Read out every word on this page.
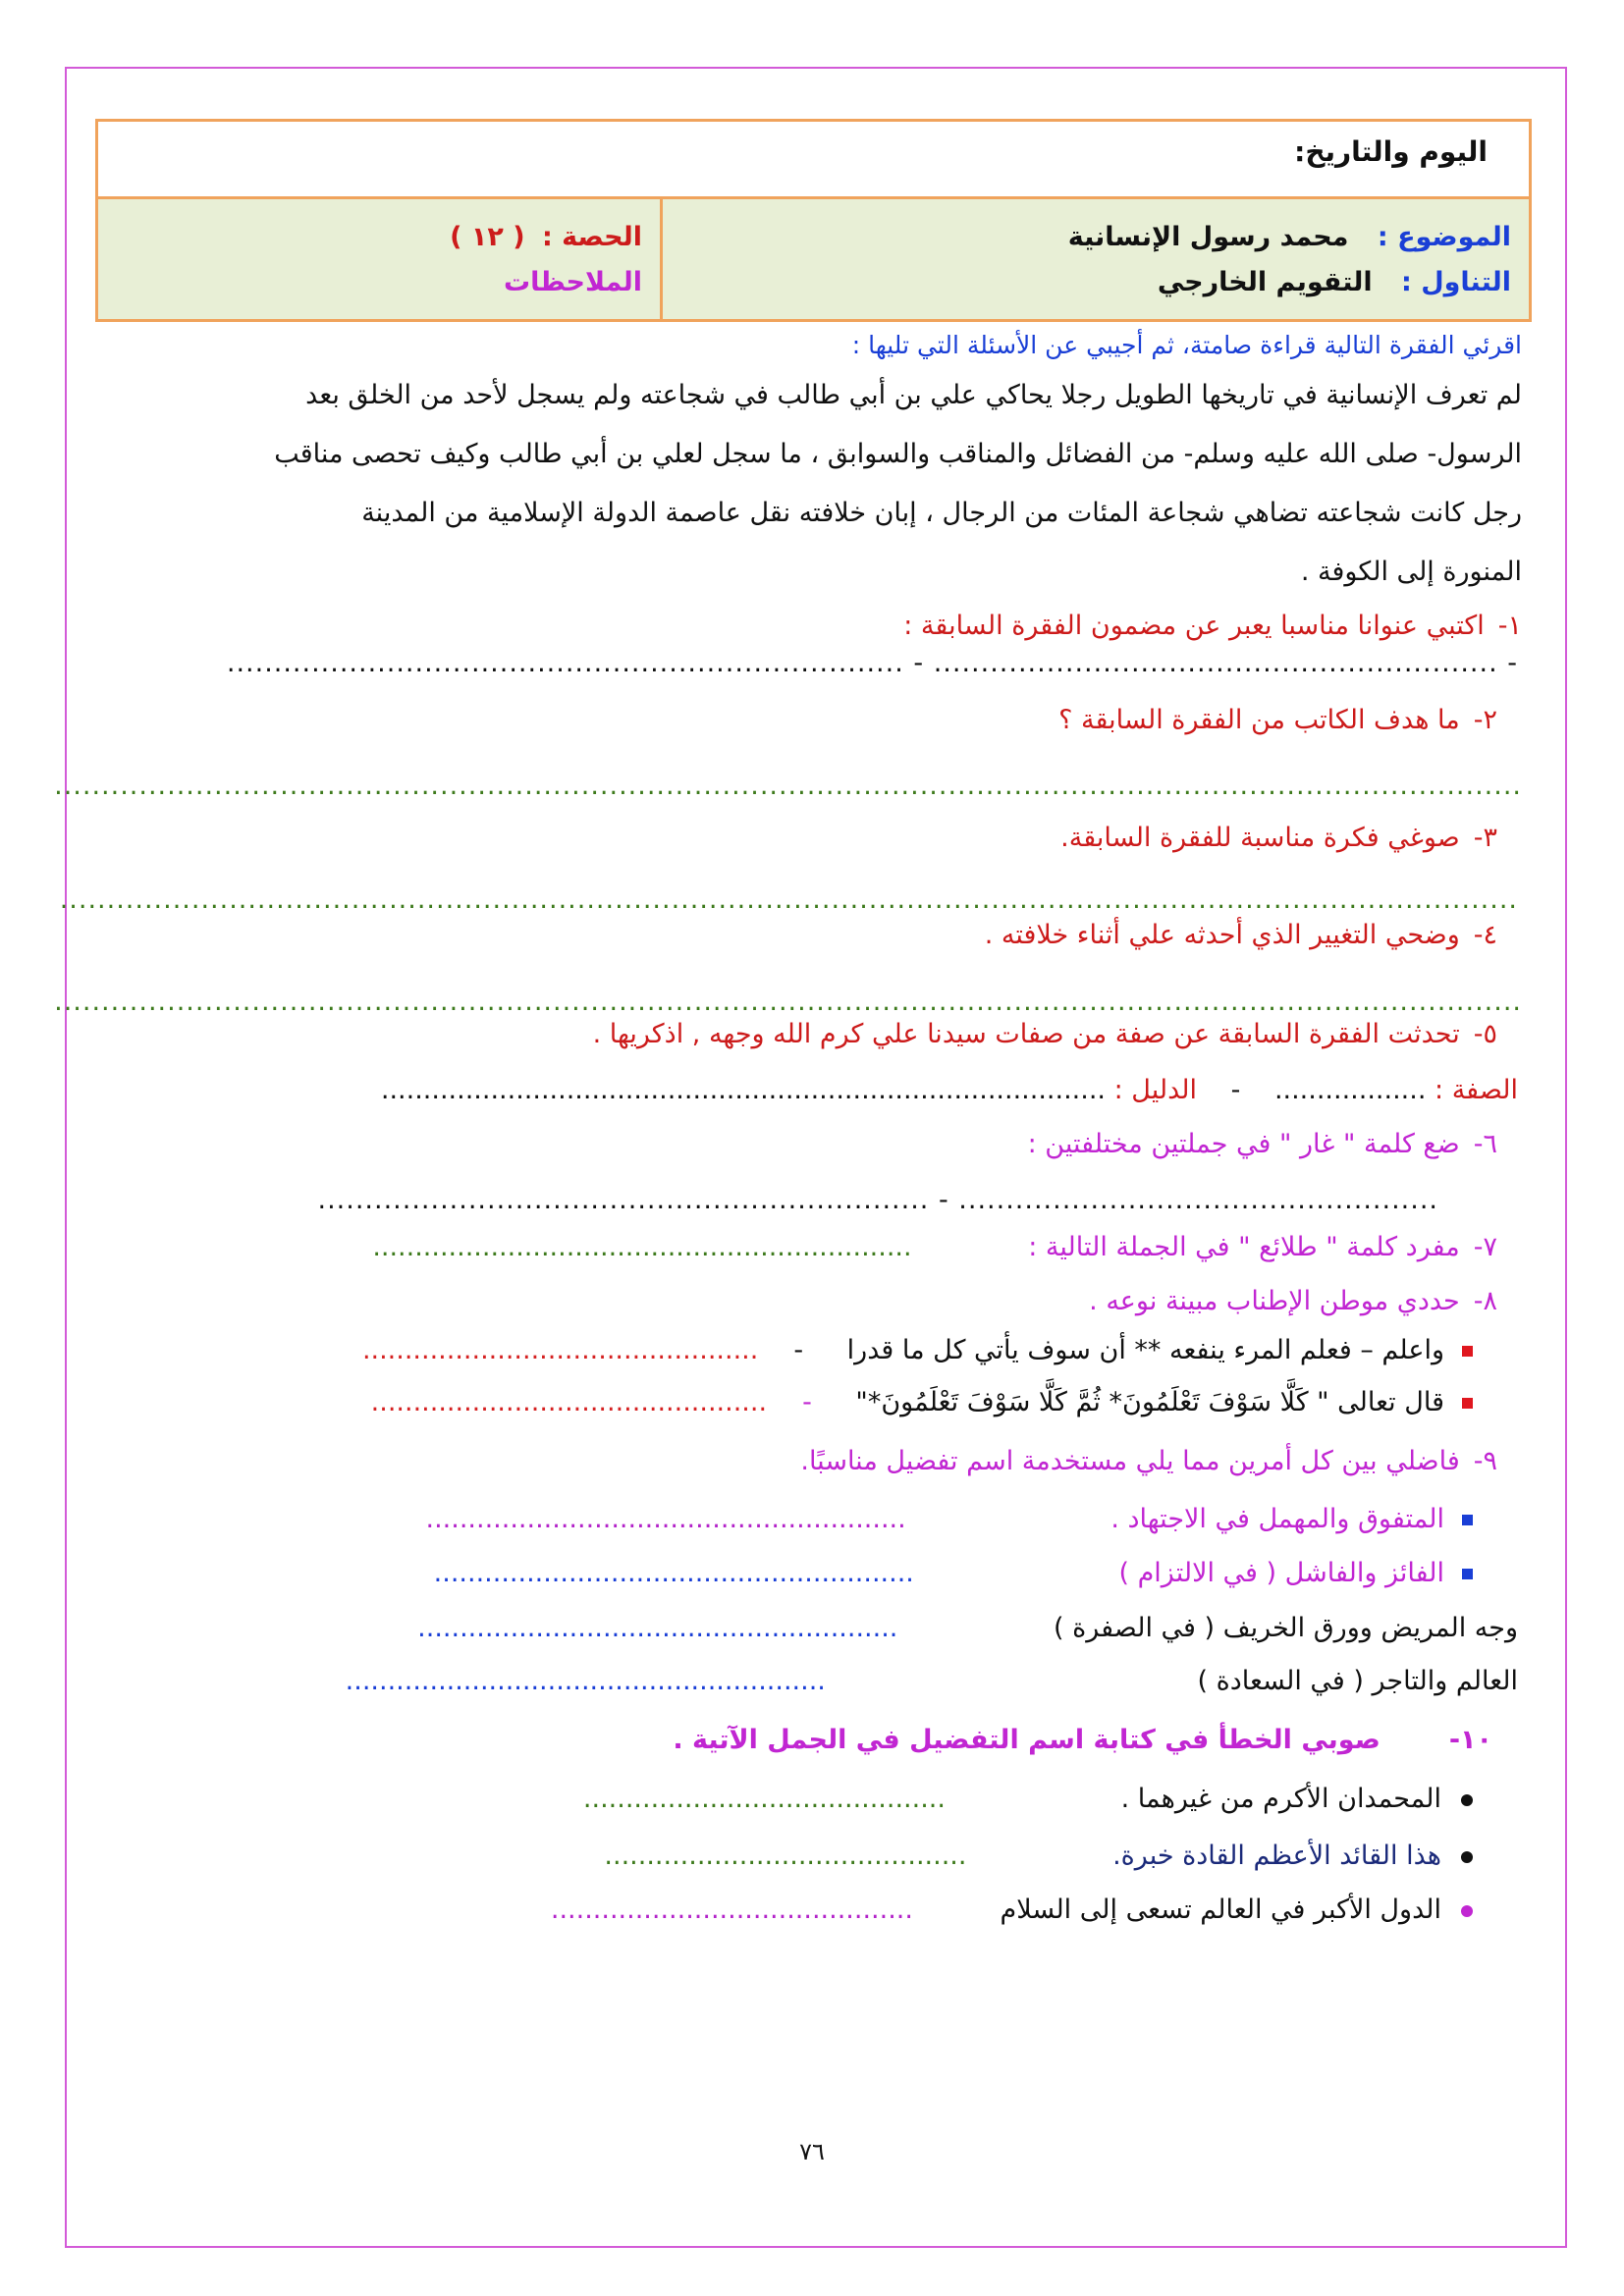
اليوم والتاريخ:
الموضوع : محمد رسول الإنسانية
التناول : التقويم الخارجي
الحصة : ( ١٢ )
الملاحظات
اقرئي الفقرة التالية قراءة صامتة، ثم أجيبي عن الأسئلة التي تليها :
لم تعرف الإنسانية في تاريخها الطويل رجلا يحاكي علي بن أبي طالب في شجاعته ولم يسجل لأحد من الخلق بعد
الرسول- صلى الله عليه وسلم- من الفضائل والمناقب والسوابق ، ما سجل لعلي بن أبي طالب وكيف تحصى مناقب
رجل كانت شجاعته تضاهي شجاعة المئات من الرجال ، إبان خلافته نقل عاصمة الدولة الإسلامية من المدينة
المنورة إلى الكوفة .
١-اكتبي عنوانا مناسبا يعبر عن مضمون الفقرة السابقة :
- ............................................................ - ........................................................................
٢-ما هدف الكاتب من الفقرة السابقة ؟
............................................................................................................................................................
٣-صوغي فكرة مناسبة للفقرة السابقة.
...........................................................................................................................................................
٤-وضحي التغيير الذي أحدثه علي أثناء خلافته .
............................................................................................................................................................
٥-تحدثت الفقرة السابقة عن صفة من صفات سيدنا علي كرم الله وجهه , اذكريها .
الصفة : .................. - الدليل : ......................................................................................
٦-ضع كلمة " غار " في جملتين مختلفتين :
................................................... - .................................................................
٧-مفرد كلمة " طلائع " في الجملة التالية : ................................................................
٨-حددي موطن الإطناب مبينة نوعه .
واعلم – فعلم المرء ينفعه ** أن سوف يأتي كل ما قدرا -...............................................
قال تعالى " كَلَّا سَوْفَ تَعْلَمُونَ* ثُمَّ كَلَّا سَوْفَ تَعْلَمُونَ*" -...............................................
٩-فاضلي بين كل أمرين مما يلي مستخدمة اسم تفضيل مناسبًا.
المتفوق والمهمل في الاجتهاد . .........................................................
الفائز والفاشل ( في الالتزام ) .........................................................
وجه المريض وورق الخريف ( في الصفرة ) .........................................................
العالم والتاجر ( في السعادة ) .........................................................
١٠-صوبي الخطأ في كتابة اسم التفضيل في الجمل الآتية .
المحمدان الأكرم من غيرهما . ...........................................
هذا القائد الأعظم القادة خبرة. ...........................................
الدول الأكبر في العالم تسعى إلى السلام ...........................................
٧٦
